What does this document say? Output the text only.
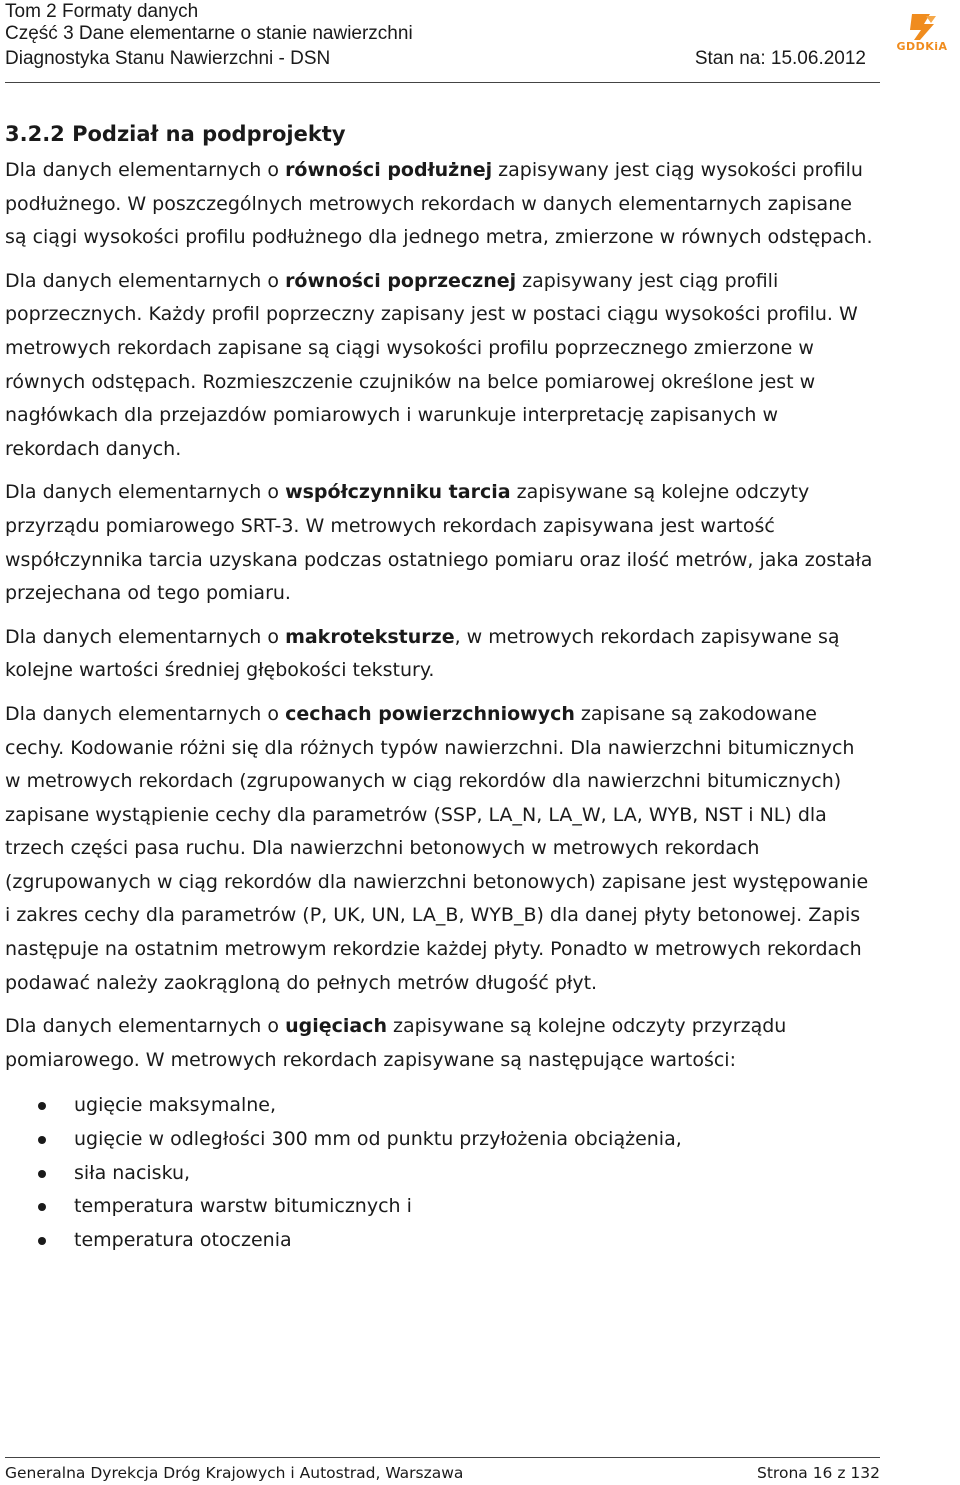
Tom 2 Formaty danych
Część 3 Dane elementarne o stanie nawierzchni
Diagnostyka Stanu Nawierzchni - DSN	Stan na: 15.06.2012
GDDKiA
3.2.2 Podział na podprojekty

Dla danych elementarnych o równości podłużnej zapisywany jest ciąg wysokości profilu podłużnego. W poszczególnych metrowych rekordach w danych elementarnych zapisane są ciągi wysokości profilu podłużnego dla jednego metra, zmierzone w równych odstępach.

Dla danych elementarnych o równości poprzecznej zapisywany jest ciąg profili poprzecznych. Każdy profil poprzeczny zapisany jest w postaci ciągu wysokości profilu. W metrowych rekordach zapisane są ciągi wysokości profilu poprzecznego zmierzone w równych odstępach. Rozmieszczenie czujników na belce pomiarowej określone jest w nagłówkach dla przejazdów pomiarowych i warunkuje interpretację zapisanych w rekordach danych.

Dla danych elementarnych o współczynniku tarcia zapisywane są kolejne odczyty przyrządu pomiarowego SRT-3. W metrowych rekordach zapisywana jest wartość współczynnika tarcia uzyskana podczas ostatniego pomiaru oraz ilość metrów, jaka została przejechana od tego pomiaru.

Dla danych elementarnych o makroteksturze, w metrowych rekordach zapisywane są kolejne wartości średniej głębokości tekstury.

Dla danych elementarnych o cechach powierzchniowych zapisane są zakodowane cechy. Kodowanie różni się dla różnych typów nawierzchni. Dla nawierzchni bitumicznych w metrowych rekordach (zgrupowanych w ciąg rekordów dla nawierzchni bitumicznych) zapisane wystąpienie cechy dla parametrów (SSP, LA_N, LA_W, LA, WYB, NST i NL) dla trzech części pasa ruchu. Dla nawierzchni betonowych w metrowych rekordach (zgrupowanych w ciąg rekordów dla nawierzchni betonowych) zapisane jest występowanie i zakres cechy dla parametrów (P, UK, UN, LA_B, WYB_B) dla danej płyty betonowej. Zapis następuje na ostatnim metrowym rekordzie każdej płyty. Ponadto w metrowych rekordach podawać należy zaokrągloną do pełnych metrów długość płyt.

Dla danych elementarnych o ugięciach zapisywane są kolejne odczyty przyrządu pomiarowego. W metrowych rekordach zapisywane są następujące wartości:

ugięcie maksymalne,
ugięcie w odległości 300 mm od punktu przyłożenia obciążenia,
siła nacisku,
temperatura warstw bitumicznych i
temperatura otoczenia
Generalna Dyrekcja Dróg Krajowych i Autostrad, Warszawa	Strona 16 z 132
